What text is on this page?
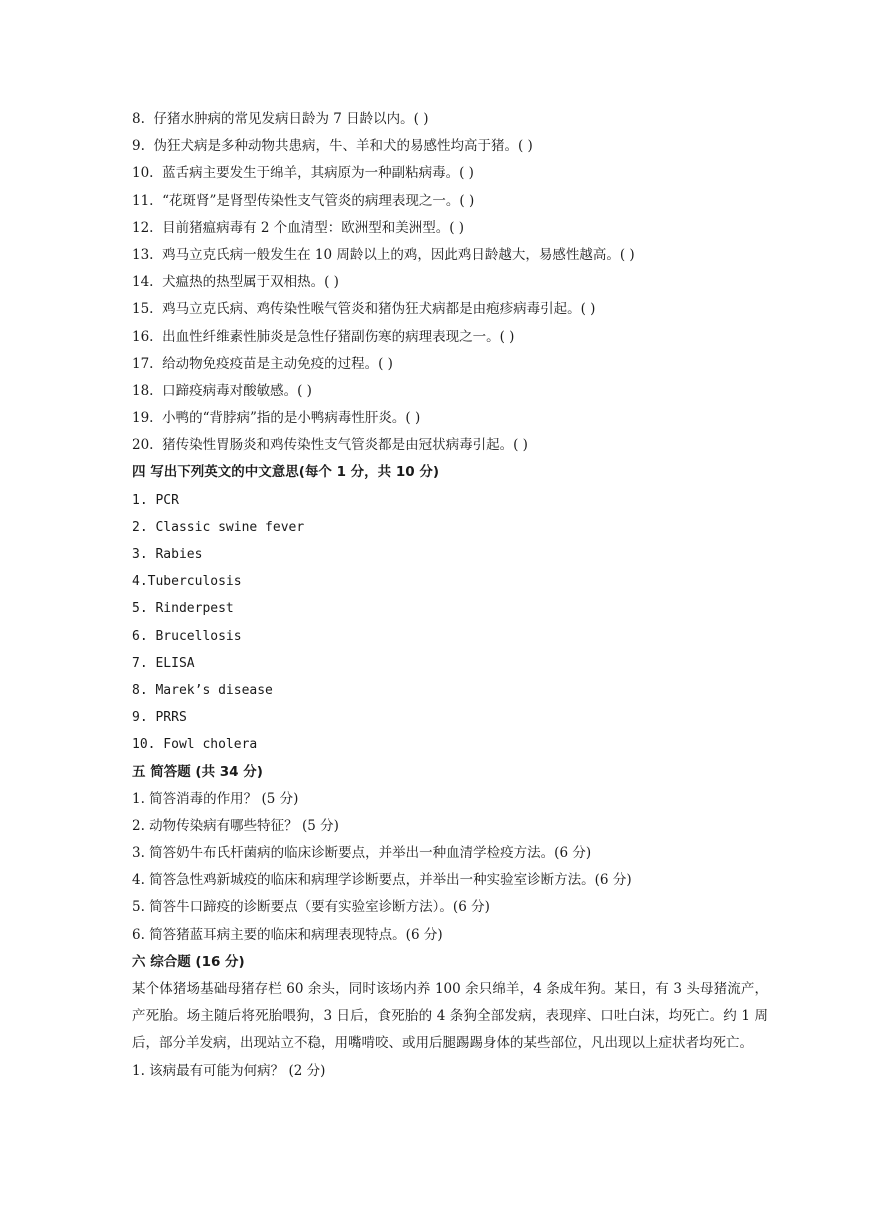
8. 仔猪水肿病的常见发病日龄为 7 日龄以内。( )
9. 伪狂犬病是多种动物共患病，牛、羊和犬的易感性均高于猪。( )
10. 蓝舌病主要发生于绵羊，其病原为一种副粘病毒。( )
11. “花斑肾”是肾型传染性支气管炎的病理表现之一。( )
12. 目前猪瘟病毒有 2 个血清型：欧洲型和美洲型。( )
13. 鸡马立克氏病一般发生在 10 周龄以上的鸡，因此鸡日龄越大，易感性越高。( )
14. 犬瘟热的热型属于双相热。( )
15. 鸡马立克氏病、鸡传染性喉气管炎和猪伪狂犬病都是由疱疹病毒引起。( )
16. 出血性纤维素性肺炎是急性仔猪副伤寒的病理表现之一。( )
17. 给动物免疫疫苗是主动免疫的过程。( )
18. 口蹄疫病毒对酸敏感。( )
19. 小鸭的“背脖病”指的是小鸭病毒性肝炎。( )
20. 猪传染性胃肠炎和鸡传染性支气管炎都是由冠状病毒引起。( )
四 写出下列英文的中文意思(每个 1 分，共 10 分)
1. PCR
2. Classic swine fever
3. Rabies
4.Tuberculosis
5. Rinderpest
6. Brucellosis
7. ELISA
8. Marek’s disease
9. PRRS
10. Fowl cholera
五 简答题 (共 34 分)
1. 简答消毒的作用？ (5 分)
2. 动物传染病有哪些特征？ (5 分)
3. 简答奶牛布氏杆菌病的临床诊断要点，并举出一种血清学检疫方法。(6 分)
4. 简答急性鸡新城疫的临床和病理学诊断要点，并举出一种实验室诊断方法。(6 分)
5. 简答牛口蹄疫的诊断要点（要有实验室诊断方法）。(6 分)
6. 简答猪蓝耳病主要的临床和病理表现特点。(6 分)
六 综合题 (16 分)
某个体猪场基础母猪存栏 60 余头，同时该场内养 100 余只绵羊，4 条成年狗。某日，有 3 头母猪流产，产死胎。场主随后将死胎喂狗，3 日后，食死胎的 4 条狗全部发病，表现痒、口吐白沫，均死亡。约 1 周后，部分羊发病，出现站立不稳，用嘴啃咬、或用后腿踢踢身体的某些部位，凡出现以上症状者均死亡。
1. 该病最有可能为何病？ (2 分)
